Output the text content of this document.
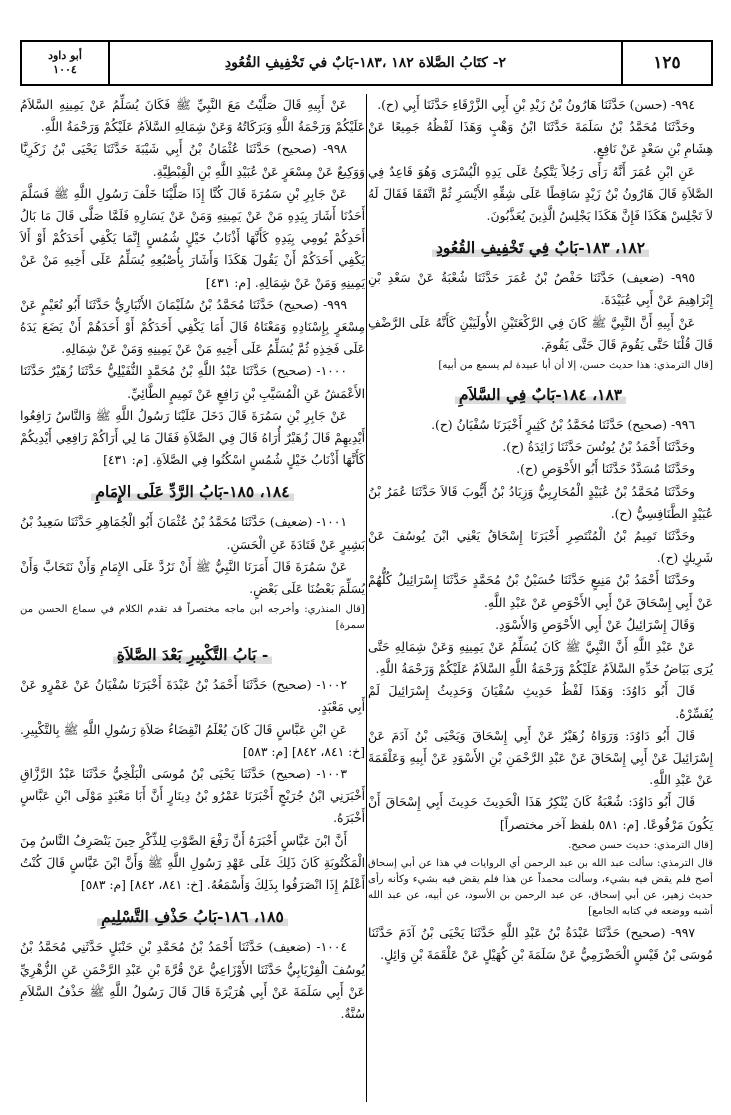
أبو داود
١٠٠٤	٢- كتَابُ الصَّلاة ١٨٢ ،١٨٣-بَابٌ في تَخْفِيفِ القُعُودِ	١٢٥

٩٩٤- (حسن) حَدَّثَنَا هَارُونُ بْنُ زَيْدِ بْنِ أَبِي الزَّرْقَاءِ حَدَّثَنَا أَبِي (ح).

وحَدَّثَنَا مُحَمَّدُ بْنُ سَلَمَةَ حَدَّثَنَا ابْنُ وَهْبٍ وَهَذَا لَفْظُهُ جَمِيعًا عَنْ هِشَامِ بْنِ سَعْدٍ عَنْ نَافِعٍ.

عَنِ ابْنِ عُمَرَ أَنَّهُ رَأَى رَجُلاً يَتَّكِئُ عَلَى يَدِهِ الْيُسْرَى وَهُوَ قَاعِدٌ فِي الصَّلاَةِ قَالَ هَارُونُ بْنُ زَيْدٍ سَاقِطًا عَلَى شِقِّهِ الأَيْسَرِ ثُمَّ اتَّفَقَا فَقَالَ لَهُ لاَ تَجْلِسْ هَكَذَا فَإِنَّ هَكَذَا يَجْلِسُ الَّذِينَ يُعَذَّبُونَ.

١٨٢، ١٨٣-بَابٌ فِي تَخْفِيفِ القُعُودِ

٩٩٥- (ضعيف) حَدَّثَنَا حَفْصُ بْنُ عُمَرَ حَدَّثَنَا شُعْبَةُ عَنْ سَعْدِ بْنِ إِبْرَاهِيمَ عَنْ أَبِي عُبَيْدَةَ.

عَنْ أَبِيهِ أَنَّ النَّبِيَّ ﷺ كَانَ فِي الرَّكْعَتَيْنِ الأُولَيَيْنِ كَأَنَّهُ عَلَى الرَّضْفِ قَالَ قُلْنَا حَتَّى يَقُومَ قَالَ حَتَّى يَقُومَ.

[قال الترمذي: هذا حديث حسن، إلا أن أبا عبيدة لم يسمع من أبيه]
١٨٣، ١٨٤-بَابٌ فِي السَّلاَمِ

٩٩٦- (صحيح) حَدَّثَنَا مُحَمَّدُ بْنُ كَثِيرٍ أَخْبَرَنَا سُفْيَانُ (ح).

وحَدَّثَنَا أَحْمَدُ بْنُ يُونُسَ حَدَّثَنَا زَائِدَةُ (ح).

وحَدَّثَنَا مُسَدَّدٌ حَدَّثَنَا أَبُو الأَحْوَصِ (ح).

وحَدَّثَنَا مُحَمَّدُ بْنُ عُبَيْدٍ الْمُحَارِبِيُّ وَزِيَادُ بْنُ أَيُّوبَ قَالاَ حَدَّثَنَا عُمَرُ بْنُ عُبَيْدٍ الطَّنَافِسِيُّ (ح).

وحَدَّثَنَا تَمِيمُ بْنُ الْمُنْتَصِرِ أَخْبَرَنَا إِسْحَاقُ يَعْنِي ابْنَ يُوسُفَ عَنْ شَرِيكٍ (ح).

وحَدَّثَنَا أَحْمَدُ بْنُ مَنِيعٍ حَدَّثَنَا حُسَيْنُ بْنُ مُحَمَّدٍ حَدَّثَنَا إِسْرَائِيلُ كُلُّهُمْ عَنْ أَبِي إِسْحَاقَ عَنْ أَبِي الأَحْوَصِ عَنْ عَبْدِ اللَّهِ.

وَقَالَ إِسْرَائِيلُ عَنْ أَبِي الأَحْوَصِ وَالأَسْوَدِ.

عَنْ عَبْدِ اللَّهِ أَنَّ النَّبِيَّ ﷺ كَانَ يُسَلِّمُ عَنْ يَمِينِهِ وَعَنْ شِمَالِهِ حَتَّى يُرَى بَيَاضُ خَدِّهِ السَّلاَمُ عَلَيْكُمْ وَرَحْمَةُ اللَّهِ السَّلاَمُ عَلَيْكُمْ وَرَحْمَةُ اللَّهِ.

قَالَ أَبُو دَاوُدَ: وَهَذَا لَفْظُ حَدِيثِ سُفْيَانَ وَحَدِيثُ إِسْرَائِيلَ لَمْ يُفَسِّرْهُ.

قَالَ أَبُو دَاوُدَ: وَرَوَاهُ زُهَيْرٌ عَنْ أَبِي إِسْحَاقَ وَيَحْيَى بْنُ آدَمَ عَنْ إِسْرَائِيلَ عَنْ أَبِي إِسْحَاقَ عَنْ عَبْدِ الرَّحْمَنِ بْنِ الأَسْوَدِ عَنْ أَبِيهِ وَعَلْقَمَةَ عَنْ عَبْدِ اللَّهِ.

قَالَ أَبُو دَاوُدَ: شُعْبَةُ كَانَ يُنْكِرُ هَذَا الْحَدِيثَ حَدِيثَ أَبِي إِسْحَاقَ أَنْ يَكُونَ مَرْفُوعًا. [م: ٥٨١ بلفظ آخر مختصراً]

[قال الترمذي: حديث حسن صحيح.
قال الترمذي: سألت عبد الله بن عبد الرحمن أي الروايات في هذا عن أبي إسحاق أصح فلم يقض فيه بشيء، وسألت محمداً عن هذا فلم يقض فيه بشيء وكأنه رأى حديث زهير، عن أبي إسحاق، عن عبد الرحمن بن الأسود، عن أبيه، عن عبد الله أشبه ووضعه في كتابه الجامع]

٩٩٧- (صحيح) حَدَّثَنَا عَبْدَةُ بْنُ عَبْدِ اللَّهِ حَدَّثَنَا يَحْيَى بْنُ آدَمَ حَدَّثَنَا مُوسَى بْنُ قَيْسٍ الْحَضْرَمِيُّ عَنْ سَلَمَةَ بْنِ كُهَيْلٍ عَنْ عَلْقَمَةَ بْنِ وَائِلٍ.

عَنْ أَبِيهِ قَالَ صَلَّيْتُ مَعَ النَّبِيِّ ﷺ فَكَانَ يُسَلِّمُ عَنْ يَمِينِهِ السَّلاَمُ عَلَيْكُمْ وَرَحْمَةُ اللَّهِ وَبَرَكَاتُهُ وَعَنْ شِمَالِهِ السَّلاَمُ عَلَيْكُمْ وَرَحْمَةُ اللَّهِ.

٩٩٨- (صحيح) حَدَّثَنَا عُثْمَانُ بْنُ أَبِي شَيْبَةَ حَدَّثَنَا يَحْيَى بْنُ زَكَرِيَّا وَوَكِيعٌ عَنْ مِسْعَرٍ عَنْ عُبَيْدِ اللَّهِ بْنِ الْقِبْطِيَّةِ.

عَنْ جَابِرِ بْنِ سَمُرَةَ قَالَ كُنَّا إِذَا صَلَّيْنَا خَلْفَ رَسُولِ اللَّهِ ﷺ فَسَلَّمَ أَحَدُنَا أَشَارَ بِيَدِهِ مَنْ عَنْ يَمِينِهِ وَمَنْ عَنْ يَسَارِهِ فَلَمَّا صَلَّى قَالَ مَا بَالُ أَحَدِكُمْ يُومِي بِيَدِهِ كَأَنَّهَا أَذْنَابُ خَيْلٍ شُمُسٍ إِنَّمَا يَكْفِي أَحَدَكُمْ أَوْ أَلاَ يَكْفِي أَحَدَكُمْ أَنْ يَقُولَ هَكَذَا وَأَشَارَ بِأُصْبُعِهِ يُسَلِّمُ عَلَى أَخِيهِ مَنْ عَنْ يَمِينِهِ وَمَنْ عَنْ شِمَالِهِ. [م: ٤٣١]

٩٩٩- (صحيح) حَدَّثَنَا مُحَمَّدُ بْنُ سُلَيْمَانَ الأَنْبَارِيُّ حَدَّثَنَا أَبُو نُعَيْمٍ عَنْ مِسْعَرٍ بِإِسْنَادِهِ وَمَعْنَاهُ قَالَ أَمَا يَكْفِي أَحَدَكُمْ أَوْ أَحَدَهُمْ أَنْ يَضَعَ يَدَهُ عَلَى فَخِذِهِ ثُمَّ يُسَلِّمُ عَلَى أَخِيهِ مَنْ عَنْ يَمِينِهِ وَمَنْ عَنْ شِمَالِهِ.

١٠٠٠- (صحيح) حَدَّثَنَا عَبْدُ اللَّهِ بْنُ مُحَمَّدٍ النُّفَيْلِيُّ حَدَّثَنَا زُهَيْرٌ حَدَّثَنَا الأَعْمَشُ عَنِ الْمُسَيَّبِ بْنِ رَافِعٍ عَنْ تَمِيمٍ الطَّائِيِّ.

عَنْ جَابِرِ بْنِ سَمُرَةَ قَالَ دَخَلَ عَلَيْنَا رَسُولُ اللَّهِ ﷺ وَالنَّاسُ رَافِعُوا أَيْدِيهِمْ قَالَ زُهَيْرٌ أُرَاهُ قَالَ فِي الصَّلاَةِ فَقَالَ مَا لِي أَرَاكُمْ رَافِعِي أَيْدِيكُمْ كَأَنَّهَا أَذْنَابُ خَيْلٍ شُمُسٍ اسْكُنُوا فِي الصَّلاَةِ. [م: ٤٣١]

١٨٤، ١٨٥-بَابُ الرَّدِّ عَلَى الإِمَامِ

١٠٠١- (ضعيف) حَدَّثَنَا مُحَمَّدُ بْنُ عُثْمَانَ أَبُو الْجُمَاهِرِ حَدَّثَنَا سَعِيدُ بْنُ بَشِيرٍ عَنْ قَتَادَةَ عَنِ الْحَسَنِ.

عَنْ سَمُرَةَ قَالَ أَمَرَنَا النَّبِيُّ ﷺ أَنْ نَرُدَّ عَلَى الإِمَامِ وَأَنْ نَتَحَابَّ وَأَنْ يُسَلِّمَ بَعْضُنَا عَلَى بَعْضٍ.

[قال المنذري: وأخرجه ابن ماجه مختصراً قد تقدم الكلام في سماع الحسن من سمرة]
- بَابُ التَّكْبِيرِ بَعْدَ الصَّلاَةِ

١٠٠٢- (صحيح) حَدَّثَنَا أَحْمَدُ بْنُ عَبْدَةَ أَخْبَرَنَا سُفْيَانُ عَنْ عَمْرٍو عَنْ أَبِي مَعْبَدٍ.

عَنِ ابْنِ عَبَّاسٍ قَالَ كَانَ يُعْلَمُ انْقِضَاءُ صَلاَةِ رَسُولِ اللَّهِ ﷺ بِالتَّكْبِيرِ. [خ: ٨٤١، ٨٤٢] [م: ٥٨٣]

١٠٠٣- (صحيح) حَدَّثَنَا يَحْيَى بْنُ مُوسَى الْبَلْخِيُّ حَدَّثَنَا عَبْدُ الرَّزَّاقِ أَخْبَرَنِي ابْنُ جُرَيْجٍ أَخْبَرَنَا عَمْرُو بْنُ دِينَارٍ أَنَّ أَبَا مَعْبَدٍ مَوْلَى ابْنِ عَبَّاسٍ أَخْبَرَهُ.

أَنَّ ابْنَ عَبَّاسٍ أَخْبَرَهُ أَنَّ رَفْعَ الصَّوْتِ لِلذِّكْرِ حِينَ يَنْصَرِفُ النَّاسُ مِنَ الْمَكْتُوبَةِ كَانَ ذَلِكَ عَلَى عَهْدِ رَسُولِ اللَّهِ ﷺ وَأَنَّ ابْنَ عَبَّاسٍ قَالَ كُنْتُ أَعْلَمُ إِذَا انْصَرَفُوا بِذَلِكَ وَأَسْمَعُهُ. [خ: ٨٤١، ٨٤٢] [م: ٥٨٣]

١٨٥، ١٨٦-بَابُ حَذْفِ التَّسْلِيمِ

١٠٠٤- (ضعيف) حَدَّثَنَا أَحْمَدُ بْنُ مُحَمَّدِ بْنِ حَنْبَلٍ حَدَّثَنِي مُحَمَّدُ بْنُ يُوسُفَ الْفِرْيَابِيُّ حَدَّثَنَا الأَوْزَاعِيُّ عَنْ قُرَّةَ بْنِ عَبْدِ الرَّحْمَنِ عَنِ الزُّهْرِيِّ عَنْ أَبِي سَلَمَةَ عَنْ أَبِي هُرَيْرَةَ قَالَ قَالَ رَسُولُ اللَّهِ ﷺ حَذْفُ السَّلاَمِ سُنَّةٌ.
